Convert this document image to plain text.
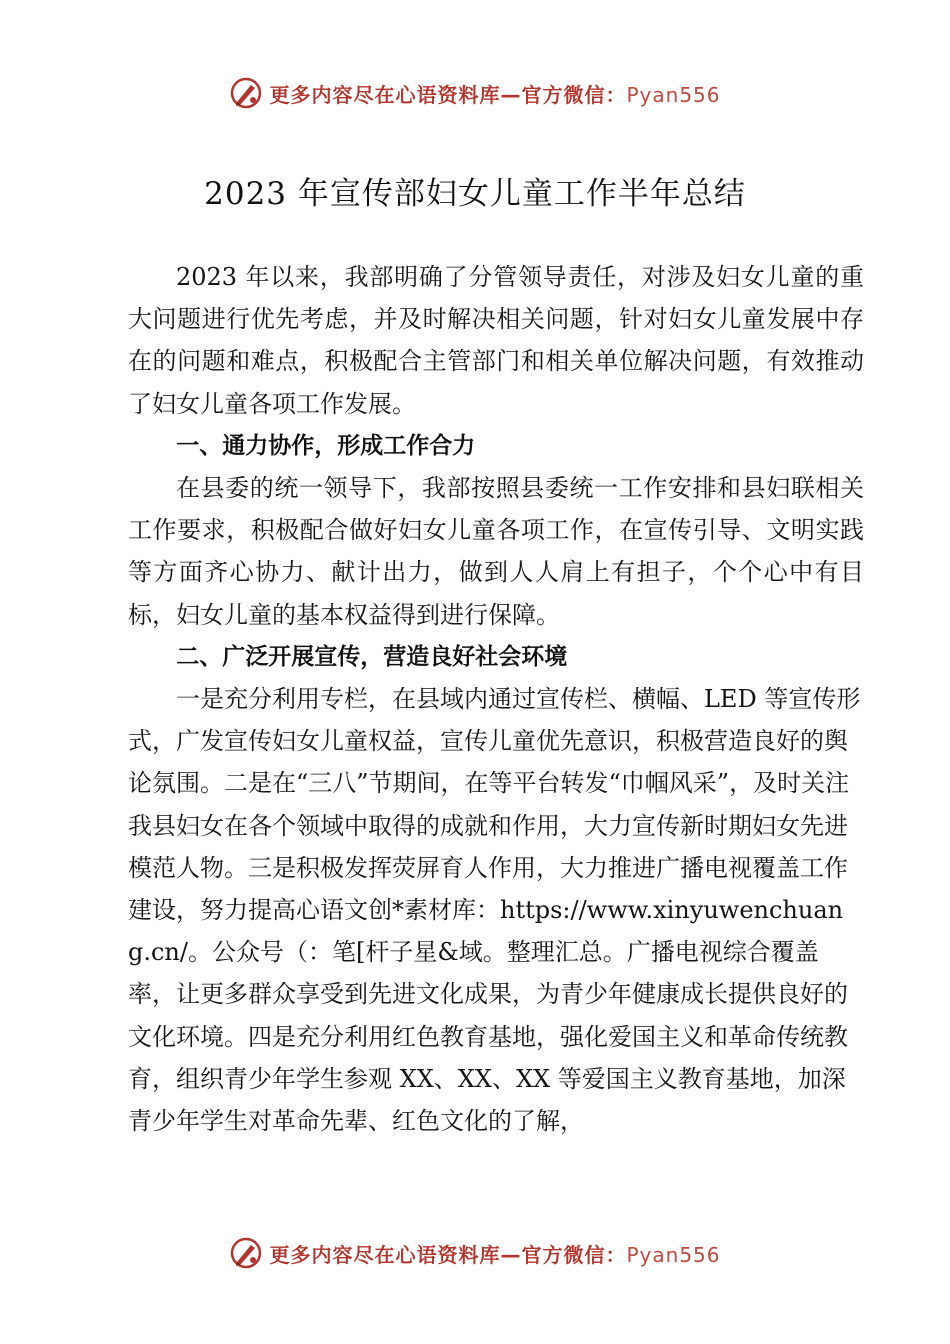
更多内容尽在心语资料库—官方微信：Pyan556
2023 年宣传部妇女儿童工作半年总结

2023 年以来，我部明确了分管领导责任，对涉及妇女儿童的重大问题进行优先考虑，并及时解决相关问题，针对妇女儿童发展中存在的问题和难点，积极配合主管部门和相关单位解决问题，有效推动了妇女儿童各项工作发展。

一、通力协作，形成工作合力

在县委的统一领导下，我部按照县委统一工作安排和县妇联相关工作要求，积极配合做好妇女儿童各项工作，在宣传引导、文明实践等方面齐心协力、献计出力，做到人人肩上有担子，个个心中有目标，妇女儿童的基本权益得到进行保障。

二、广泛开展宣传，营造良好社会环境

一是充分利用专栏，在县域内通过宣传栏、横幅、LED 等宣传形式，广发宣传妇女儿童权益，宣传儿童优先意识，积极营造良好的舆论氛围。二是在“三八”节期间，在等平台转发“巾帼风采”，及时关注我县妇女在各个领域中取得的成就和作用，大力宣传新时期妇女先进模范人物。三是积极发挥荧屏育人作用，大力推进广播电视覆盖工作建设，努力提高心语文创*素材库：https://www.xinyuwenchuang.cn/。公众号（：笔[杆子星&域。整理汇总。广播电视综合覆盖率，让更多群众享受到先进文化成果，为青少年健康成长提供良好的文化环境。四是充分利用红色教育基地，强化爱国主义和革命传统教育，组织青少年学生参观 XX、XX、XX 等爱国主义教育基地，加深青少年学生对革命先辈、红色文化的了解，

更多内容尽在心语资料库—官方微信：Pyan556
